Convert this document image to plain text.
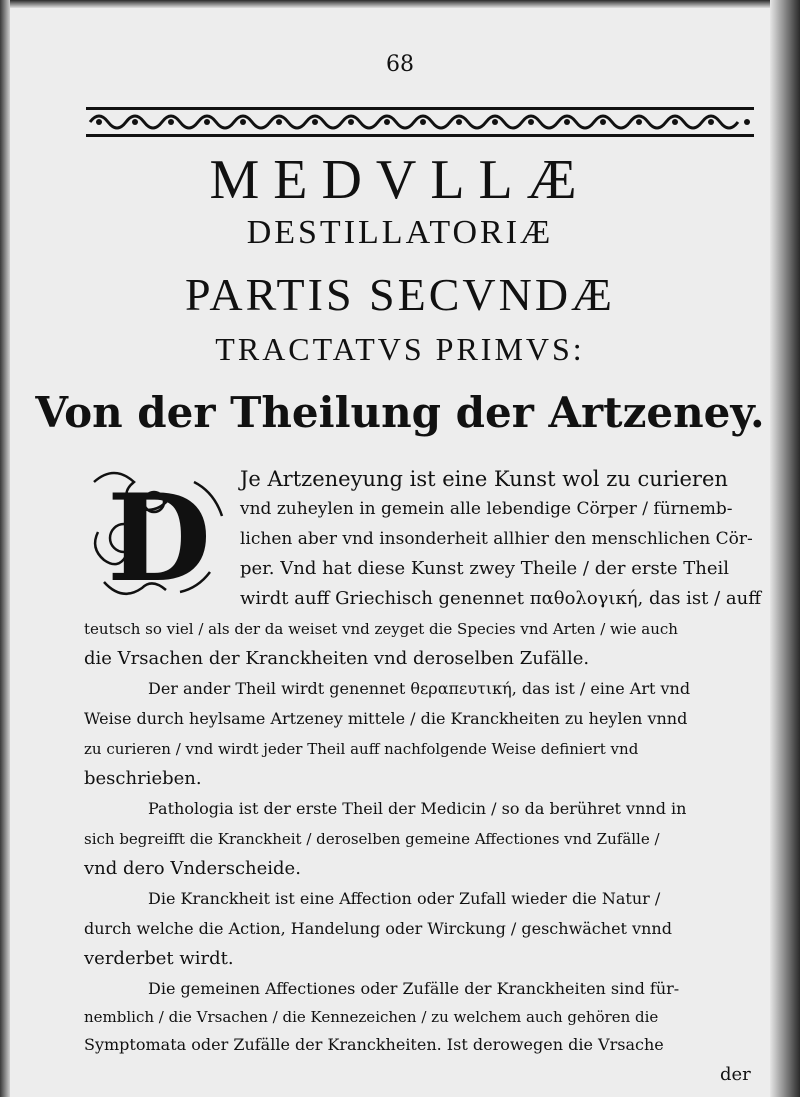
68
MEDVLLÆ
DESTILLATORIÆ
PARTIS SECVNDÆ
TRACTATVS PRIMVS:
Von der Theilung der Artzeney.
D Je Artzeneyung ist eine Kunst wol zu curieren
vnd zuheylen in gemein alle lebendige Cörper / fürnemb-
lichen aber vnd insonderheit allhier den menschlichen Cör-
per. Vnd hat diese Kunst zwey Theile / der erste Theil
wirdt auff Griechisch genennet παθολογική, das ist / auff
teutsch so viel / als der da weiset vnd zeyget die Species vnd Arten / wie auch
die Vrsachen der Kranckheiten vnd deroselben Zufälle.
Der ander Theil wirdt genennet θεραπευτική, das ist / eine Art vnd
Weise durch heylsame Artzeney mittele / die Kranckheiten zu heylen vnnd
zu curieren / vnd wirdt jeder Theil auff nachfolgende Weise definiert vnd
beschrieben.
Pathologia ist der erste Theil der Medicin / so da berühret vnnd in
sich begreifft die Kranckheit / deroselben gemeine Affectiones vnd Zufälle /
vnd dero Vnderscheide.
Die Kranckheit ist eine Affection oder Zufall wieder die Natur /
durch welche die Action, Handelung oder Wirckung / geschwächet vnnd
verderbet wirdt.
Die gemeinen Affectiones oder Zufälle der Kranckheiten sind für-
nemblich / die Vrsachen / die Kennezeichen / zu welchem auch gehören die
Symptomata oder Zufälle der Kranckheiten. Ist derowegen die Vrsache
der
